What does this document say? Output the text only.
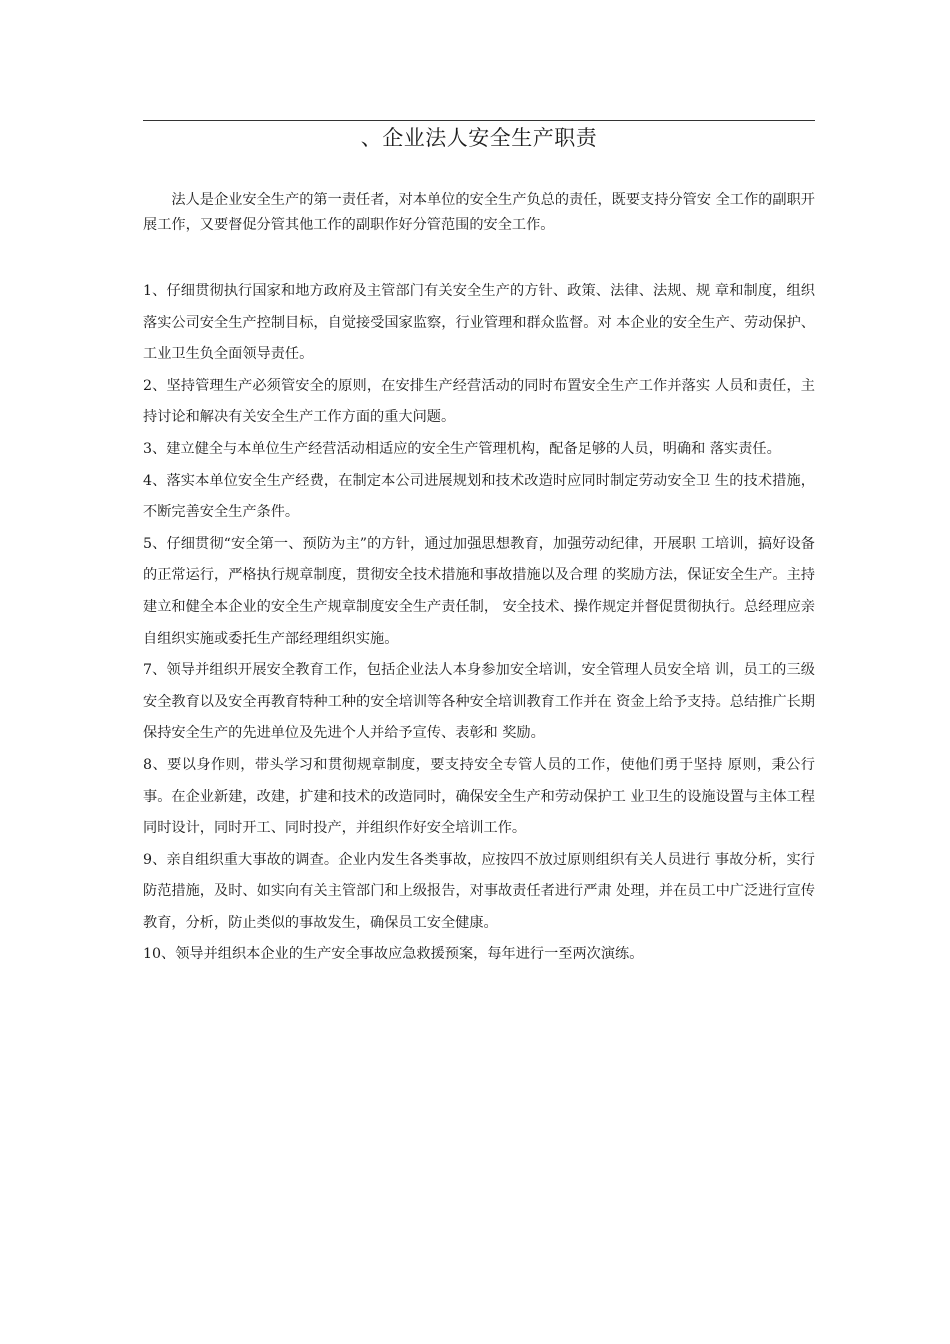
、企业法人安全生产职责

法人是企业安全生产的第一责任者，对本单位的安全生产负总的责任，既要支持分管安 全工作的副职开展工作，又要督促分管其他工作的副职作好分管范围的安全工作。

1、仔细贯彻执行国家和地方政府及主管部门有关安全生产的方针、政策、法律、法规、规 章和制度，组织落实公司安全生产控制目标，自觉接受国家监察，行业管理和群众监督。对 本企业的安全生产、劳动保护、工业卫生负全面领导责任。
2、坚持管理生产必须管安全的原则，在安排生产经营活动的同时布置安全生产工作并落实 人员和责任，主持讨论和解决有关安全生产工作方面的重大问题。
3、建立健全与本单位生产经营活动相适应的安全生产管理机构，配备足够的人员，明确和 落实责任。
4、落实本单位安全生产经费，在制定本公司进展规划和技术改造时应同时制定劳动安全卫 生的技术措施，不断完善安全生产条件。
5、仔细贯彻“安全第一、预防为主”的方针，通过加强思想教育，加强劳动纪律，开展职 工培训，搞好设备的正常运行，严格执行规章制度，贯彻安全技术措施和事故措施以及合理 的奖励方法，保证安全生产。主持建立和健全本企业的安全生产规章制度安全生产责任制， 安全技术、操作规定并督促贯彻执行。总经理应亲自组织实施或委托生产部经理组织实施。
7、领导并组织开展安全教育工作，包括企业法人本身参加安全培训，安全管理人员安全培 训，员工的三级安全教育以及安全再教育特种工种的安全培训等各种安全培训教育工作并在 资金上给予支持。总结推广长期保持安全生产的先进单位及先进个人并给予宣传、表彰和 奖励。
8、要以身作则，带头学习和贯彻规章制度，要支持安全专管人员的工作，使他们勇于坚持 原则，秉公行事。在企业新建，改建，扩建和技术的改造同时，确保安全生产和劳动保护工 业卫生的设施设置与主体工程同时设计，同时开工、同时投产，并组织作好安全培训工作。
9、亲自组织重大事故的调查。企业内发生各类事故，应按四不放过原则组织有关人员进行 事故分析，实行防范措施，及时、如实向有关主管部门和上级报告，对事故责任者进行严肃 处理，并在员工中广泛进行宣传教育，分析，防止类似的事故发生，确保员工安全健康。
10、领导并组织本企业的生产安全事故应急救援预案，每年进行一至两次演练。
